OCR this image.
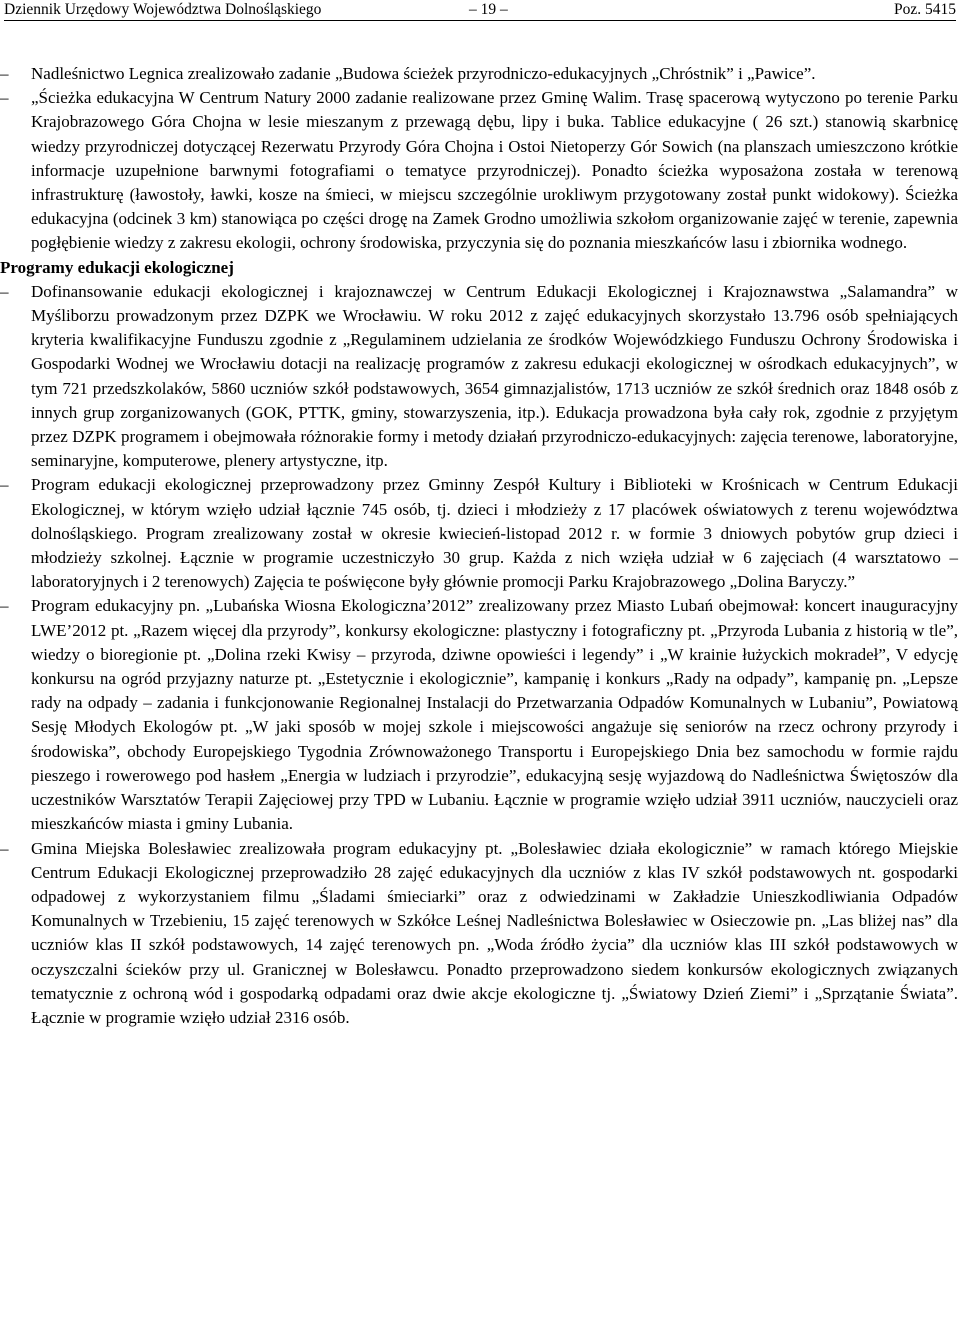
Dziennik Urzędowy Województwa Dolnośląskiego	– 19 –	Poz. 5415
–	Nadleśnictwo Legnica zrealizowało zadanie „Budowa ścieżek przyrodniczo-edukacyjnych „Chróstnik” i „Pawice”.

–	„Ścieżka edukacyjna W Centrum Natury 2000 zadanie realizowane przez Gminę Walim. Trasę spacerową wytyczono po terenie Parku Krajobrazowego Góra Chojna w lesie mieszanym z przewagą dębu, lipy i buka. Tablice edukacyjne ( 26 szt.) stanowią skarbnicę wiedzy przyrodniczej dotyczącej Rezerwatu Przyrody Góra Chojna i Ostoi Nietoperzy Gór Sowich (na planszach umieszczono krótkie informacje uzupełnione barwnymi fotografiami o tematyce przyrodniczej). Ponadto ścieżka wyposażona została w terenową infrastrukturę (ławostoły, ławki, kosze na śmieci, w miejscu szczególnie urokliwym przygotowany został punkt widokowy). Ścieżka edukacyjna (odcinek 3 km) stanowiąca po części drogę na Zamek Grodno umożliwia szkołom organizowanie zajęć w terenie, zapewnia pogłębienie wiedzy z zakresu ekologii, ochrony środowiska, przyczynia się do poznania mieszkańców lasu i zbiornika wodnego.

Programy edukacji ekologicznej

–	Dofinansowanie edukacji ekologicznej i krajoznawczej w Centrum Edukacji Ekologicznej i Krajoznawstwa „Salamandra” w Myśliborzu prowadzonym przez DZPK we Wrocławiu. W roku 2012 z zajęć edukacyjnych skorzystało 13.796 osób spełniających kryteria kwalifikacyjne Funduszu zgodnie z „Regulaminem udzielania ze środków Wojewódzkiego Funduszu Ochrony Środowiska i Gospodarki Wodnej we Wrocławiu dotacji na realizację programów z zakresu edukacji ekologicznej w ośrodkach edukacyjnych”, w tym 721 przedszkolaków, 5860 uczniów szkół podstawowych, 3654 gimnazjalistów, 1713 uczniów ze szkół średnich oraz 1848 osób z innych grup zorganizowanych (GOK, PTTK, gminy, stowarzyszenia, itp.). Edukacja prowadzona była cały rok, zgodnie z przyjętym przez DZPK programem i obejmowała różnorakie formy i metody działań przyrodniczo-edukacyjnych: zajęcia terenowe, laboratoryjne, seminaryjne, komputerowe, plenery artystyczne, itp.

–	Program edukacji ekologicznej przeprowadzony przez Gminny Zespół Kultury i Biblioteki w Krośnicach w Centrum Edukacji Ekologicznej, w którym wzięło udział łącznie 745 osób, tj. dzieci i młodzieży z 17 placówek oświatowych z terenu województwa dolnośląskiego. Program zrealizowany został w okresie kwiecień-listopad 2012 r. w formie 3 dniowych pobytów grup dzieci i młodzieży szkolnej. Łącznie w programie uczestniczyło 30 grup. Każda z nich wzięła udział w 6 zajęciach (4 warsztatowo – laboratoryjnych i 2 terenowych) Zajęcia te poświęcone były głównie promocji Parku Krajobrazowego „Dolina Baryczy.”

–	Program edukacyjny pn. „Lubańska Wiosna Ekologiczna’2012” zrealizowany przez Miasto Lubań obejmował: koncert inauguracyjny LWE’2012 pt. „Razem więcej dla przyrody”, konkursy ekologiczne: plastyczny i fotograficzny pt. „Przyroda Lubania z historią w tle”, wiedzy o bioregionie pt. „Dolina rzeki Kwisy – przyroda, dziwne opowieści i legendy” i „W krainie łużyckich mokradeł”, V edycję konkursu na ogród przyjazny naturze pt. „Estetycznie i ekologicznie”, kampanię i konkurs „Rady na odpady”, kampanię pn. „Lepsze rady na odpady – zadania i funkcjonowanie Regionalnej Instalacji do Przetwarzania Odpadów Komunalnych w Lubaniu”, Powiatową Sesję Młodych Ekologów pt. „W jaki sposób w mojej szkole i miejscowości angażuje się seniorów na rzecz ochrony przyrody i środowiska”, obchody Europejskiego Tygodnia Zrównoważonego Transportu i Europejskiego Dnia bez samochodu w formie rajdu pieszego i rowerowego pod hasłem „Energia w ludziach i przyrodzie”, edukacyjną sesję wyjazdową do Nadleśnictwa Świętoszów dla uczestników Warsztatów Terapii Zajęciowej przy TPD w Lubaniu. Łącznie w programie wzięło udział 3911 uczniów, nauczycieli oraz mieszkańców miasta i gminy Lubania.

–	Gmina Miejska Bolesławiec zrealizowała program edukacyjny pt. „Bolesławiec działa ekologicznie” w ramach którego Miejskie Centrum Edukacji Ekologicznej przeprowadziło 28 zajęć edukacyjnych dla uczniów z klas IV szkół podstawowych nt. gospodarki odpadowej z wykorzystaniem filmu „Śladami śmieciarki” oraz z odwiedzinami w Zakładzie Unieszkodliwiania Odpadów Komunalnych w Trzebieniu, 15 zajęć terenowych w Szkółce Leśnej Nadleśnictwa Bolesławiec w Osieczowie pn. „Las bliżej nas” dla uczniów klas II szkół podstawowych, 14 zajęć terenowych pn. „Woda źródło życia” dla uczniów klas III szkół podstawowych w oczyszczalni ścieków przy ul. Granicznej w Bolesławcu. Ponadto przeprowadzono siedem konkursów ekologicznych związanych tematycznie z ochroną wód i gospodarką odpadami oraz dwie akcje ekologiczne tj. „Światowy Dzień Ziemi” i „Sprzątanie Świata”. Łącznie w programie wzięło udział 2316 osób.
